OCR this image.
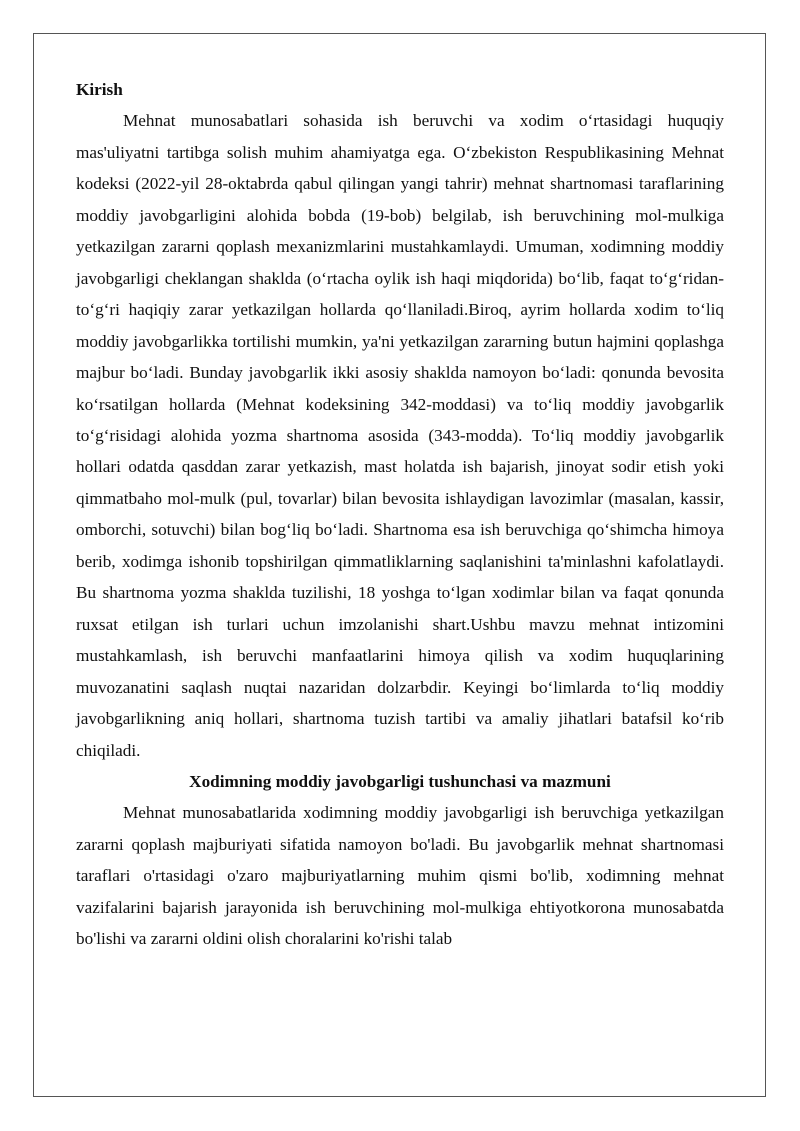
Kirish

Mehnat munosabatlari sohasida ish beruvchi va xodim o‘rtasidagi huquqiy mas'uliyatni tartibga solish muhim ahamiyatga ega. O‘zbekiston Respublikasining Mehnat kodeksi (2022-yil 28-oktabrda qabul qilingan yangi tahrir) mehnat shartnomasi taraflarining moddiy javobgarligini alohida bobda (19-bob) belgilab, ish beruvchining mol-mulkiga yetkazilgan zararni qoplash mexanizmlarini mustahkamlaydi. Umuman, xodimning moddiy javobgarligi cheklangan shaklda (o‘rtacha oylik ish haqi miqdorida) bo‘lib, faqat to‘g‘ridan-to‘g‘ri haqiqiy zarar yetkazilgan hollarda qo‘llaniladi.Biroq, ayrim hollarda xodim to‘liq moddiy javobgarlikka tortilishi mumkin, ya'ni yetkazilgan zararning butun hajmini qoplashga majbur bo‘ladi. Bunday javobgarlik ikki asosiy shaklda namoyon bo‘ladi: qonunda bevosita ko‘rsatilgan hollarda (Mehnat kodeksining 342-moddasi) va to‘liq moddiy javobgarlik to‘g‘risidagi alohida yozma shartnoma asosida (343-modda). To‘liq moddiy javobgarlik hollari odatda qasddan zarar yetkazish, mast holatda ish bajarish, jinoyat sodir etish yoki qimmatbaho mol-mulk (pul, tovarlar) bilan bevosita ishlaydigan lavozimlar (masalan, kassir, omborchi, sotuvchi) bilan bog‘liq bo‘ladi. Shartnoma esa ish beruvchiga qo‘shimcha himoya berib, xodimga ishonib topshirilgan qimmatliklarning saqlanishini ta'minlashni kafolatlaydi. Bu shartnoma yozma shaklda tuzilishi, 18 yoshga to‘lgan xodimlar bilan va faqat qonunda ruxsat etilgan ish turlari uchun imzolanishi shart.Ushbu mavzu mehnat intizomini mustahkamlash, ish beruvchi manfaatlarini himoya qilish va xodim huquqlarining muvozanatini saqlash nuqtai nazaridan dolzarbdir. Keyingi bo‘limlarda to‘liq moddiy javobgarlikning aniq hollari, shartnoma tuzish tartibi va amaliy jihatlari batafsil ko‘rib chiqiladi.

Xodimning moddiy javobgarligi tushunchasi va mazmuni

Mehnat munosabatlarida xodimning moddiy javobgarligi ish beruvchiga yetkazilgan zararni qoplash majburiyati sifatida namoyon bo'ladi. Bu javobgarlik mehnat shartnomasi taraflari o'rtasidagi o'zaro majburiyatlarning muhim qismi bo'lib, xodimning mehnat vazifalarini bajarish jarayonida ish beruvchining mol-mulkiga ehtiyotkorona munosabatda bo'lishi va zararni oldini olish choralarini ko'rishi talab
